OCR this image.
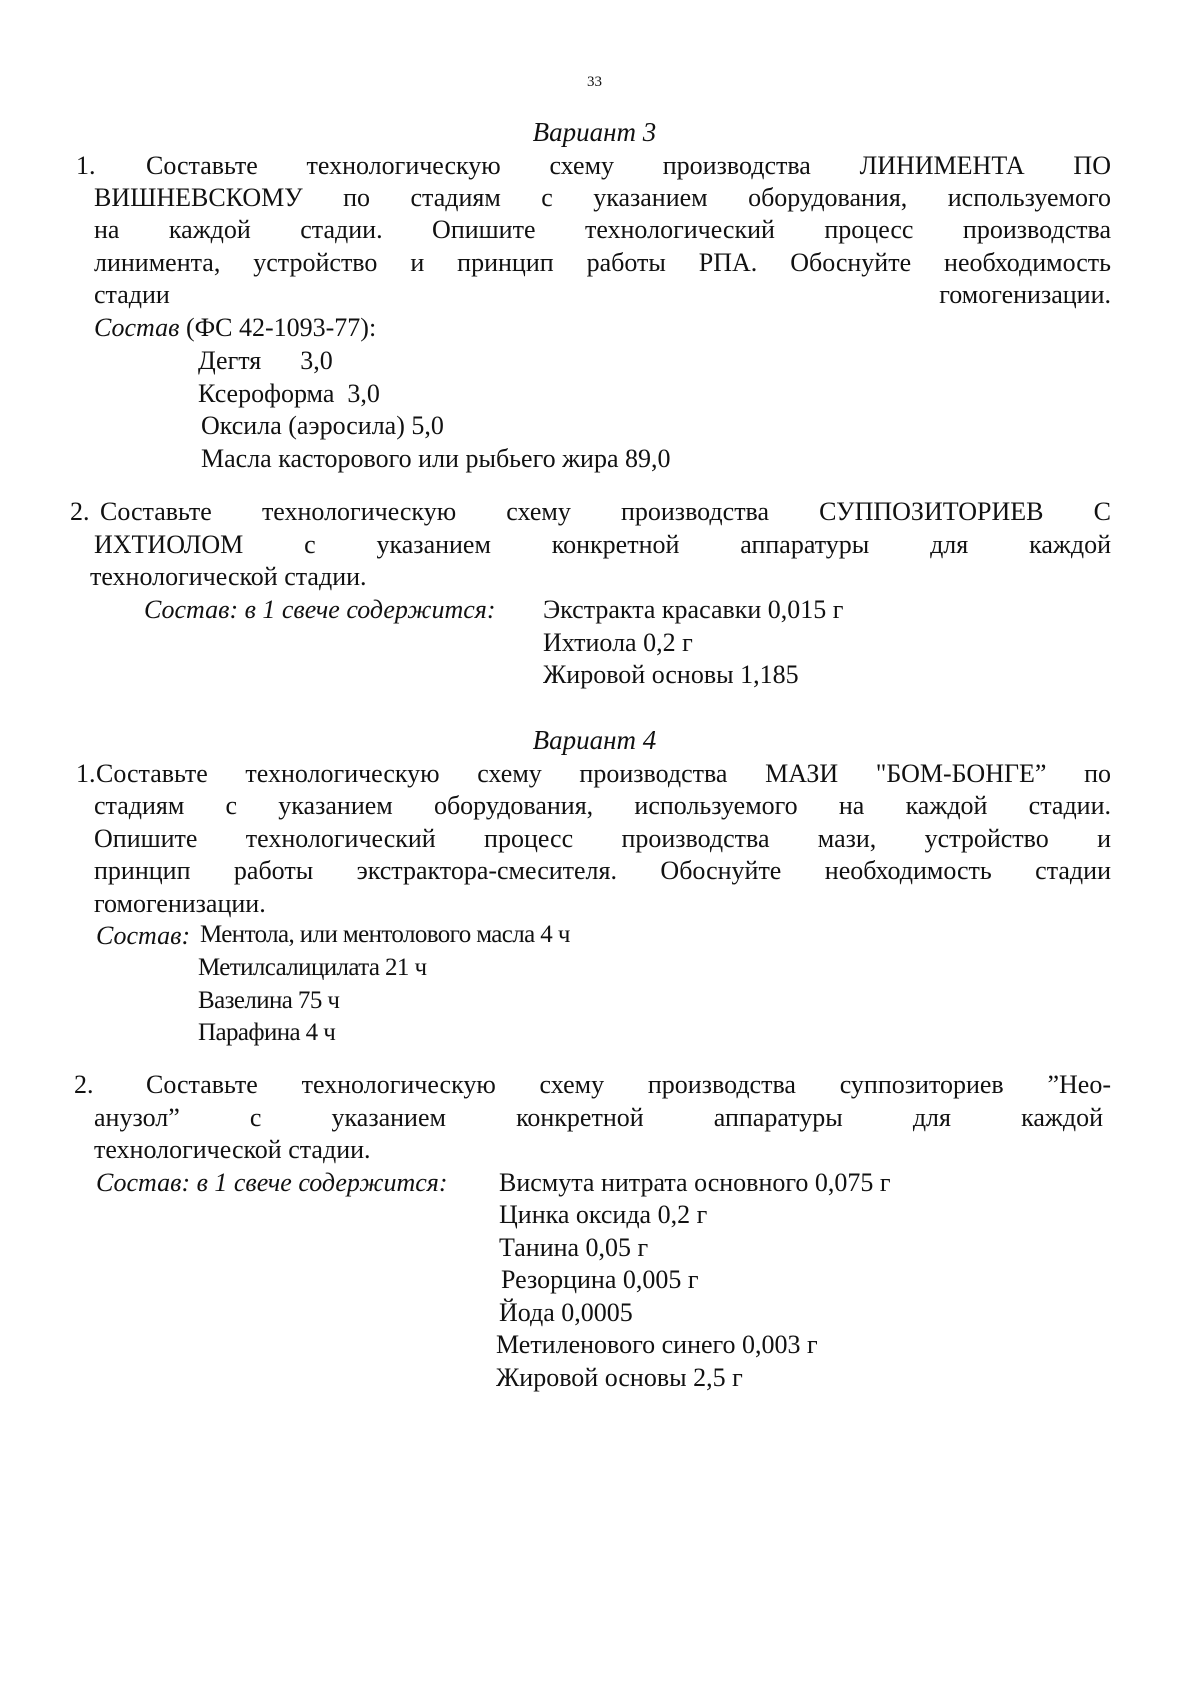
33
Вариант 3
1. Составьте технологическую схему производства ЛИНИМЕНТА ПО
ВИШНЕВСКОМУ по стадиям с указанием оборудования, используемого
на каждой стадии. Опишите технологический процесс производства
линимента, устройство и принцип работы РПА. Обоснуйте необходимость
стадии	гомогенизации.
Состав (ФС 42-1093-77):
Дегтя      3,0
Ксероформа  3,0
Оксила (аэросила) 5,0
Масла касторового или рыбьего жира 89,0
2. Составьте технологическую схему производства СУППОЗИТОРИЕВ С
ИХТИОЛОМ с указанием конкретной аппаратуры для каждой
технологической стадии.
Состав: в 1 свече содержится: Экстракта красавки 0,015 г
Ихтиола 0,2 г
Жировой основы 1,185
Вариант 4
1. Составьте технологическую схему производства МАЗИ "БОМ-БОНГЕ” по
стадиям с указанием оборудования, используемого на каждой стадии.
Опишите технологический процесс производства мази, устройство и
принцип работы экстрактора-смесителя. Обоснуйте необходимость стадии
гомогенизации.
Состав: Ментола, или ментолового масла 4 ч
Метилсалицилата 21 ч
Вазелина 75 ч
Парафина 4 ч
2. Составьте технологическую схему производства суппозиториев ”Нео-
анузол” с указанием конкретной аппаратуры для каждой
технологической стадии.
Состав: в 1 свече содержится: Висмута нитрата основного 0,075 г
Цинка оксида 0,2 г
Танина 0,05 г
Резорцина 0,005 г
Йода 0,0005
Метиленового синего 0,003 г
Жировой основы 2,5 г
